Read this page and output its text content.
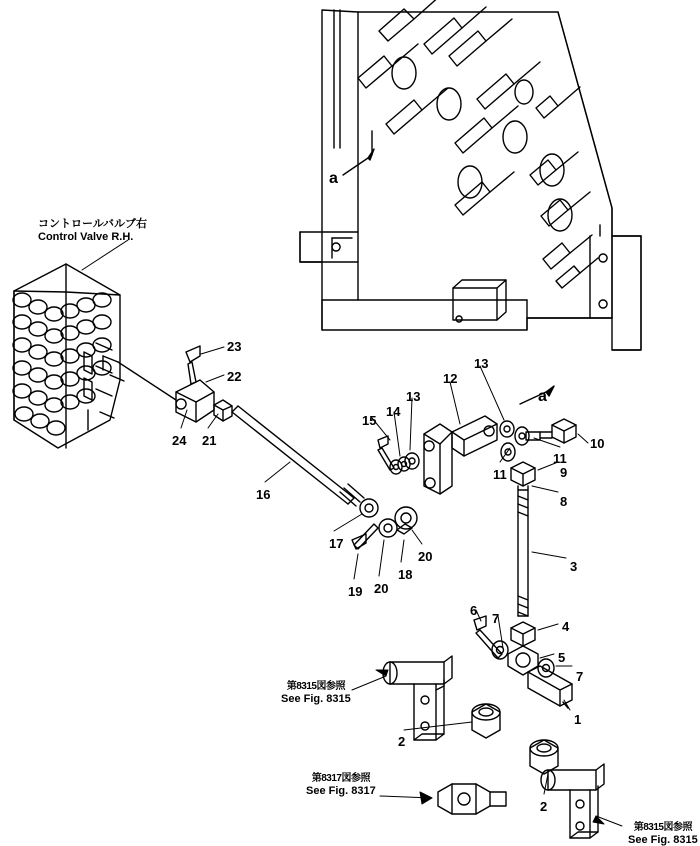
コントロールバルブ右
Control Valve R.H.
第8315図参照
See Fig. 8315
第8317図参照
See Fig. 8317
第8315図参照
See Fig. 8315
a
a
23
22
24 21
16
17
19 20
18
20
15
14
13
12
13
11
11
10
9
8
3
6
7
4
5
7
1
2
2
